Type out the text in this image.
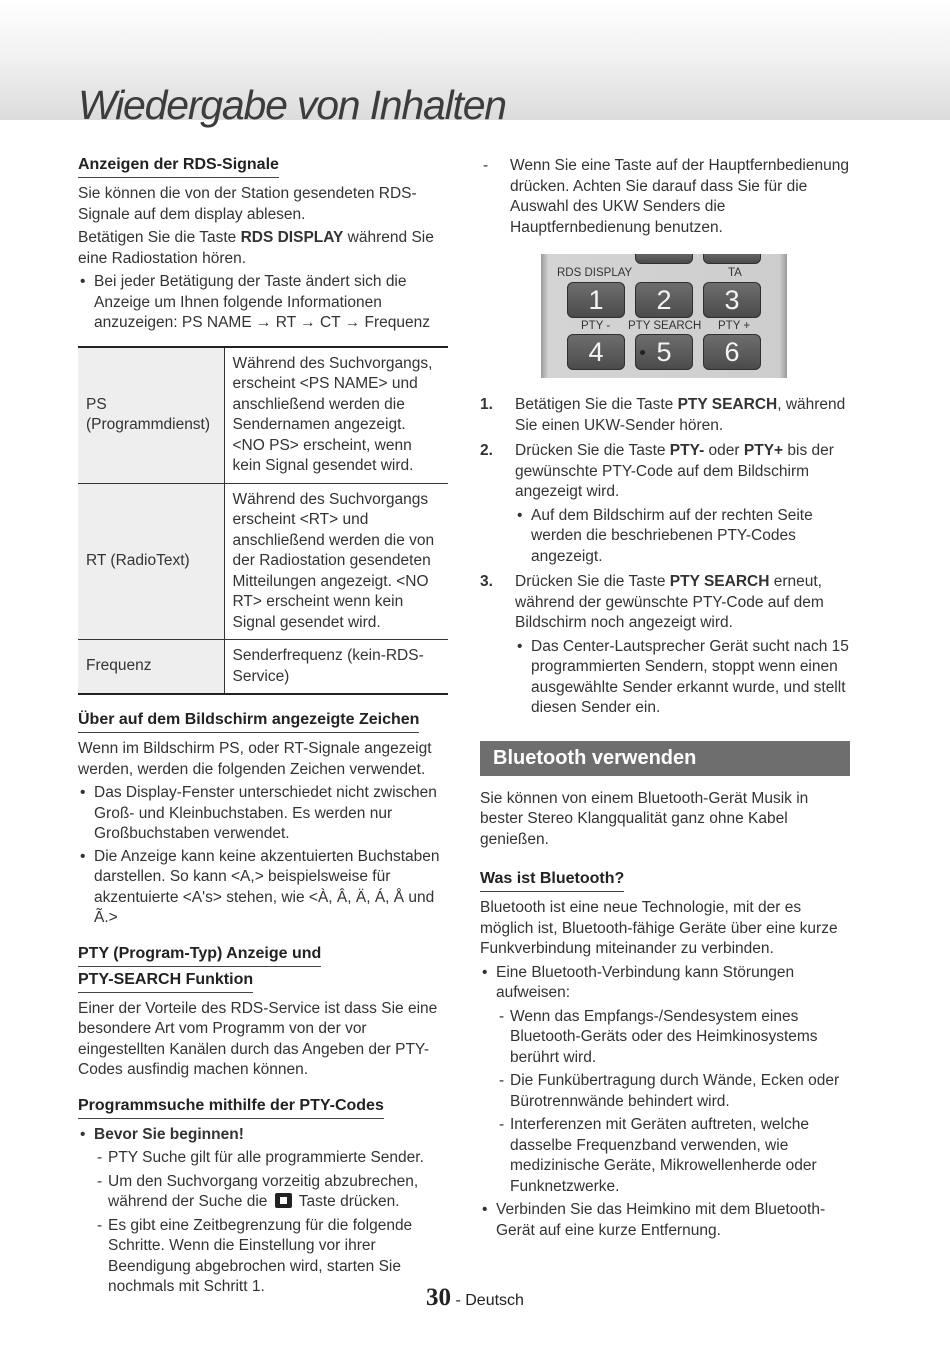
Wiedergabe von Inhalten
Anzeigen der RDS-Signale

Sie können die von der Station gesendeten RDS-Signale auf dem display ablesen.

Betätigen Sie die Taste RDS DISPLAY während Sie eine Radiostation hören.

• Bei jeder Betätigung der Taste ändert sich die Anzeige um Ihnen folgende Informationen anzuzeigen: PS NAME → RT → CT → Frequenz
PS (Programmdienst)	Während des Suchvorgangs, erscheint <PS NAME> und anschließend werden die Sendernamen angezeigt. <NO PS> erscheint, wenn kein Signal gesendet wird.
RT (RadioText)	Während des Suchvorgangs erscheint <RT> und anschließend werden die von der Radiostation gesendeten Mitteilungen angezeigt. <NO RT> erscheint wenn kein Signal gesendet wird.
Frequenz	Senderfrequenz (kein-RDS-Service)
Über auf dem Bildschirm angezeigte Zeichen

Wenn im Bildschirm PS, oder RT-Signale angezeigt werden, werden die folgenden Zeichen verwendet.

• Das Display-Fenster unterschiedet nicht zwischen Groß- und Kleinbuchstaben. Es werden nur Großbuchstaben verwendet.
• Die Anzeige kann keine akzentuierten Buchstaben darstellen. So kann <A,> beispielsweise für akzentuierte <A's> stehen, wie <À, Â, Ä, Á, Å und Ã.>
PTY (Program-Typ) Anzeige und
PTY-SEARCH Funktion

Einer der Vorteile des RDS-Service ist dass Sie eine besondere Art vom Programm von der vor eingestellten Kanälen durch das Angeben der PTY-Codes ausfindig machen können.

Programmsuche mithilfe der PTY-Codes
• Bevor Sie beginnen!
- PTY Suche gilt für alle programmierte Sender.
- Um den Suchvorgang vorzeitig abzubrechen, während der Suche die  Taste drücken.
- Es gibt eine Zeitbegrenzung für die folgende Schritte. Wenn die Einstellung vor ihrer Beendigung abgebrochen wird, starten Sie nochmals mit Schritt 1.
- Wenn Sie eine Taste auf der Hauptfernbedienung drücken. Achten Sie darauf dass Sie für die Auswahl des UKW Senders die Hauptfernbedienung benutzen.
RDS DISPLAY	TA
1	2	3
PTY - PTY SEARCH PTY +
4	5	6
1. Betätigen Sie die Taste PTY SEARCH, während Sie einen UKW-Sender hören.
2. Drücken Sie die Taste PTY- oder PTY+ bis der gewünschte PTY-Code auf dem Bildschirm angezeigt wird.
• Auf dem Bildschirm auf der rechten Seite werden die beschriebenen PTY-Codes angezeigt.
3. Drücken Sie die Taste PTY SEARCH erneut, während der gewünschte PTY-Code auf dem Bildschirm noch angezeigt wird.
• Das Center-Lautsprecher Gerät sucht nach 15 programmierten Sendern, stoppt wenn einen ausgewählte Sender erkannt wurde, und stellt diesen Sender ein.
Bluetooth verwenden

Sie können von einem Bluetooth-Gerät Musik in bester Stereo Klangqualität ganz ohne Kabel genießen.

Was ist Bluetooth?

Bluetooth ist eine neue Technologie, mit der es möglich ist, Bluetooth-fähige Geräte über eine kurze Funkverbindung miteinander zu verbinden.

• Eine Bluetooth-Verbindung kann Störungen aufweisen:
- Wenn das Empfangs-/Sendesystem eines Bluetooth-Geräts oder des Heimkinosystems berührt wird.
- Die Funkübertragung durch Wände, Ecken oder Bürotrennwände behindert wird.
- Interferenzen mit Geräten auftreten, welche dasselbe Frequenzband verwenden, wie medizinische Geräte, Mikrowellenherde oder Funknetzwerke.
• Verbinden Sie das Heimkino mit dem Bluetooth-Gerät auf eine kurze Entfernung.
30 - Deutsch
